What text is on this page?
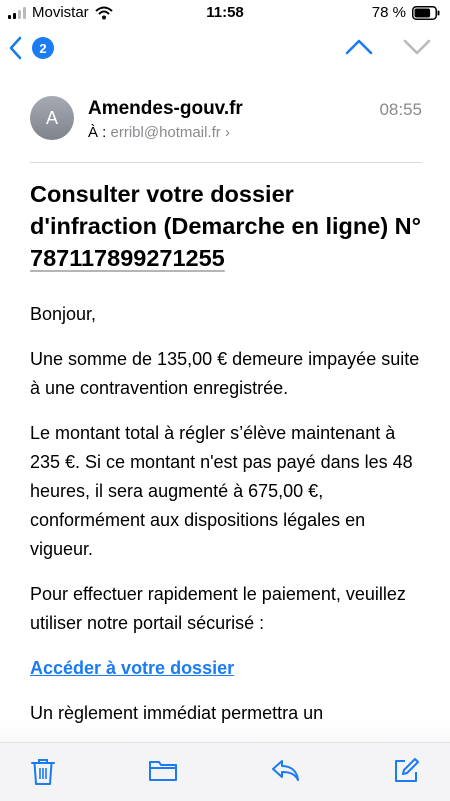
Movistar	11:58	78 %
2
A	Amendes-gouv.fr	08:55
À : erribl@hotmail.fr ›
Consulter votre dossier d'infraction (Demarche en ligne) N° 787117899271255

Bonjour,

Une somme de 135,00 € demeure impayée suite à une contravention enregistrée.

Le montant total à régler s’élève maintenant à 235 €. Si ce montant n'est pas payé dans les 48 heures, il sera augmenté à 675,00 €, conformément aux dispositions légales en vigueur.

Pour effectuer rapidement le paiement, veuillez utiliser notre portail sécurisé :

Accéder à votre dossier

Un règlement immédiat permettra un
